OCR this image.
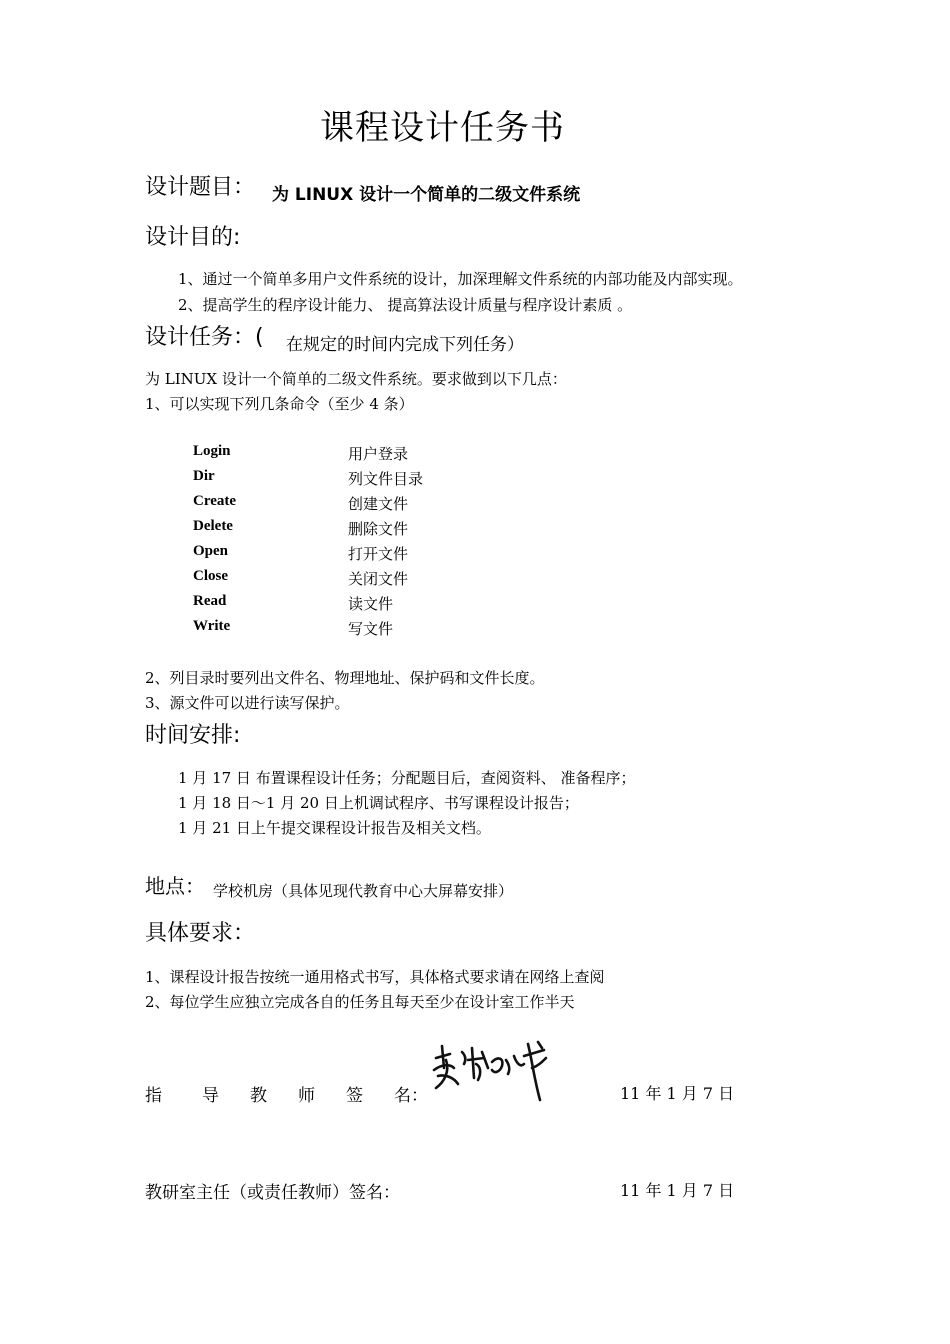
课程设计任务书
设计题目： 为 LINUX 设计一个简单的二级文件系统
设计目的:
1、通过一个简单多用户文件系统的设计，加深理解文件系统的内部功能及内部实现。
2、提高学生的程序设计能力、 提高算法设计质量与程序设计素质 。
设计任务：( 在规定的时间内完成下列任务）
为 LINUX 设计一个简单的二级文件系统。要求做到以下几点：
1、可以实现下列几条命令（至少 4 条）
Login	用户登录
Dir	列文件目录
Create	创建文件
Delete	删除文件
Open	打开文件
Close	关闭文件
Read	读文件
Write	写文件
2、列目录时要列出文件名、物理地址、保护码和文件长度。
3、源文件可以进行读写保护。
时间安排:
1 月 17 日 布置课程设计任务；分配题目后，查阅资料、 准备程序；
1 月 18 日～1 月 20 日上机调试程序、书写课程设计报告；
1 月 21 日上午提交课程设计报告及相关文档。
地点： 学校机房（具体见现代教育中心大屏幕安排）
具体要求：
1、课程设计报告按统一通用格式书写，具体格式要求请在网络上查阅
2、每位学生应独立完成各自的任务且每天至少在设计室工作半天
指 导 教 师 签 名：	11 年 1 月 7 日
教研室主任（或责任教师）签名：	11 年 1 月 7 日
